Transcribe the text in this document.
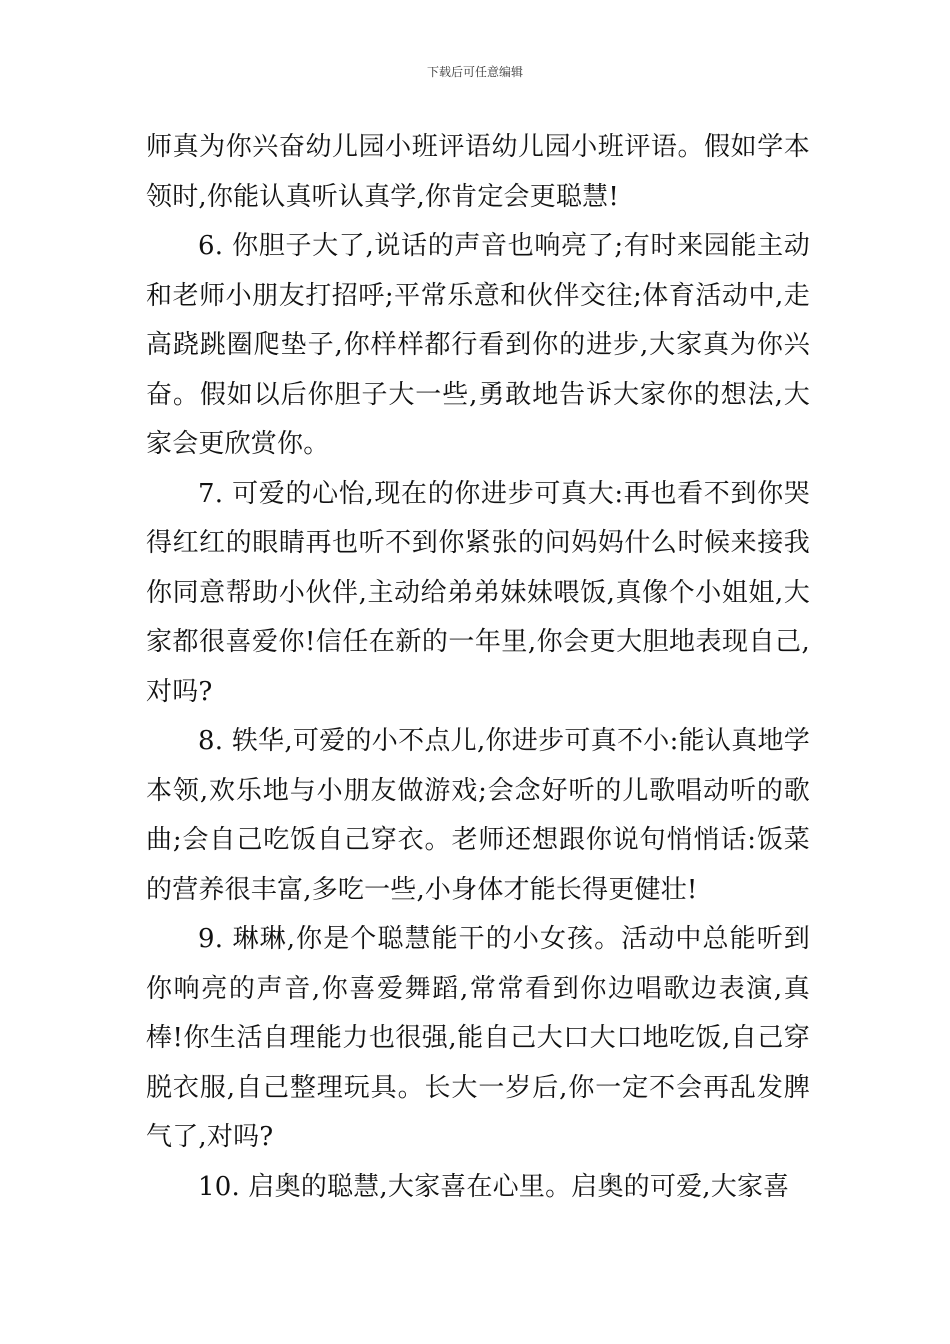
下载后可任意编辑

师真为你兴奋幼儿园小班评语幼儿园小班评语。假如学本领时,你能认真听认真学,你肯定会更聪慧!

6. 你胆子大了,说话的声音也响亮了;有时来园能主动和老师小朋友打招呼;平常乐意和伙伴交往;体育活动中,走高跷跳圈爬垫子,你样样都行看到你的进步,大家真为你兴奋。假如以后你胆子大一些,勇敢地告诉大家你的想法,大家会更欣赏你。

7. 可爱的心怡,现在的你进步可真大:再也看不到你哭得红红的眼睛再也听不到你紧张的问妈妈什么时候来接我你同意帮助小伙伴,主动给弟弟妹妹喂饭,真像个小姐姐,大家都很喜爱你!信任在新的一年里,你会更大胆地表现自己,对吗?

8. 轶华,可爱的小不点儿,你进步可真不小:能认真地学本领,欢乐地与小朋友做游戏;会念好听的儿歌唱动听的歌曲;会自己吃饭自己穿衣。老师还想跟你说句悄悄话:饭菜的营养很丰富,多吃一些,小身体才能长得更健壮!

9. 琳琳,你是个聪慧能干的小女孩。活动中总能听到你响亮的声音,你喜爱舞蹈,常常看到你边唱歌边表演,真棒!你生活自理能力也很强,能自己大口大口地吃饭,自己穿脱衣服,自己整理玩具。长大一岁后,你一定不会再乱发脾气了,对吗?

10. 启奥的聪慧,大家喜在心里。启奥的可爱,大家喜
